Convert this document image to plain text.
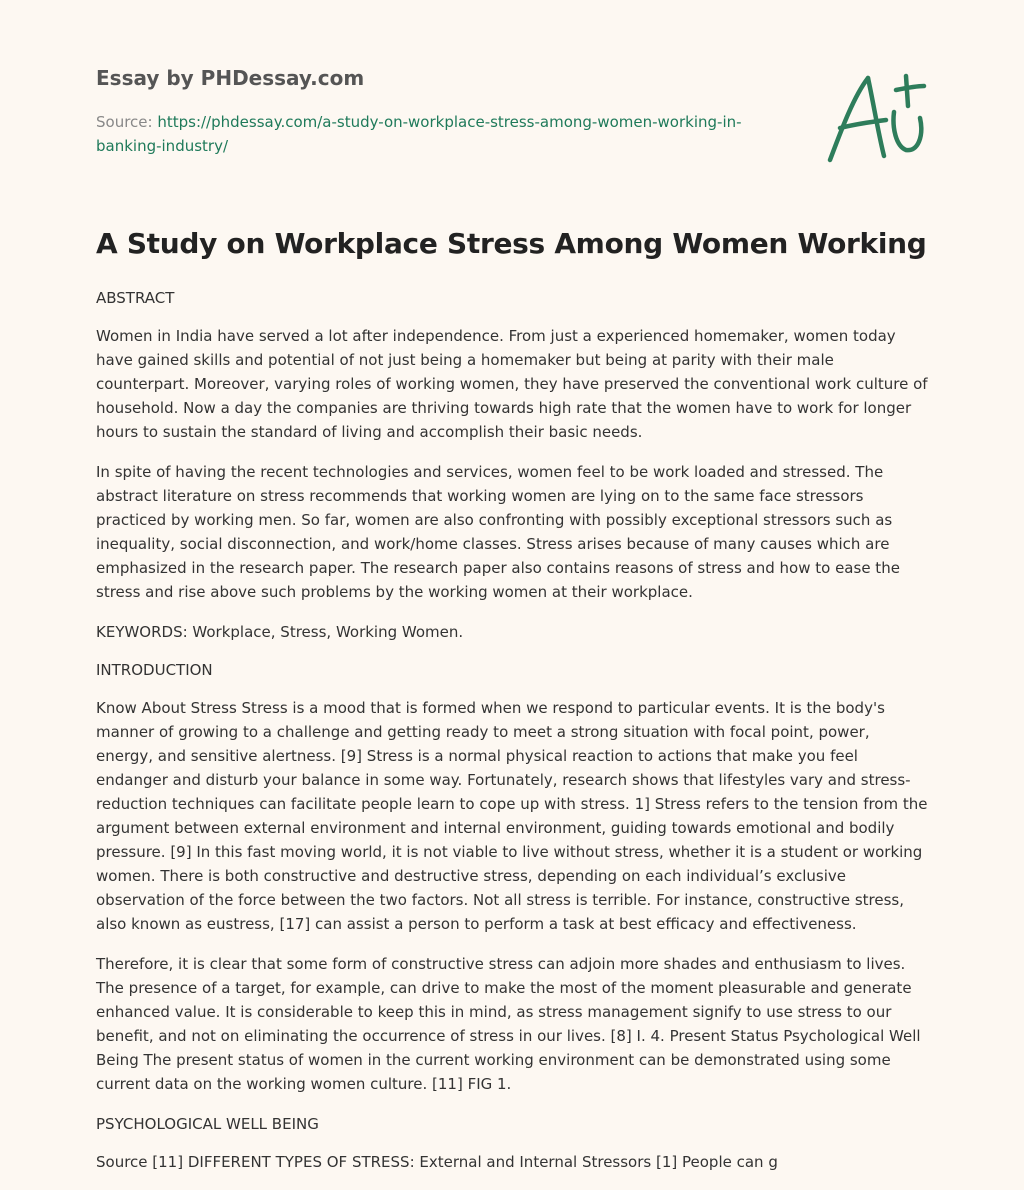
Essay by PHDessay.com
Source: https://phdessay.com/a-study-on-workplace-stress-among-women-working-in-banking-industry/
A Study on Workplace Stress Among Women Working

ABSTRACT

Women in India have served a lot after independence. From just a experienced homemaker, women today have gained skills and potential of not just being a homemaker but being at parity with their male counterpart. Moreover, varying roles of working women, they have preserved the conventional work culture of household. Now a day the companies are thriving towards high rate that the women have to work for longer hours to sustain the standard of living and accomplish their basic needs.

In spite of having the recent technologies and services, women feel to be work loaded and stressed. The abstract literature on stress recommends that working women are lying on to the same face stressors practiced by working men. So far, women are also confronting with possibly exceptional stressors such as inequality, social disconnection, and work/home classes. Stress arises because of many causes which are emphasized in the research paper. The research paper also contains reasons of stress and how to ease the stress and rise above such problems by the working women at their workplace.

KEYWORDS: Workplace, Stress, Working Women.

INTRODUCTION

Know About Stress Stress is a mood that is formed when we respond to particular events. It is the body's manner of growing to a challenge and getting ready to meet a strong situation with focal point, power, energy, and sensitive alertness. [9] Stress is a normal physical reaction to actions that make you feel endanger and disturb your balance in some way. Fortunately, research shows that lifestyles vary and stress-reduction techniques can facilitate people learn to cope up with stress. 1] Stress refers to the tension from the argument between external environment and internal environment, guiding towards emotional and bodily pressure. [9] In this fast moving world, it is not viable to live without stress, whether it is a student or working women. There is both constructive and destructive stress, depending on each individual’s exclusive observation of the force between the two factors. Not all stress is terrible. For instance, constructive stress, also known as eustress, [17] can assist a person to perform a task at best efficacy and effectiveness.

Therefore, it is clear that some form of constructive stress can adjoin more shades and enthusiasm to lives. The presence of a target, for example, can drive to make the most of the moment pleasurable and generate enhanced value. It is considerable to keep this in mind, as stress management signify to use stress to our benefit, and not on eliminating the occurrence of stress in our lives. [8] I. 4. Present Status Psychological Well Being The present status of women in the current working environment can be demonstrated using some current data on the working women culture. [11] FIG 1.

PSYCHOLOGICAL WELL BEING

Source [11] DIFFERENT TYPES OF STRESS: External and Internal Stressors [1] People can g
